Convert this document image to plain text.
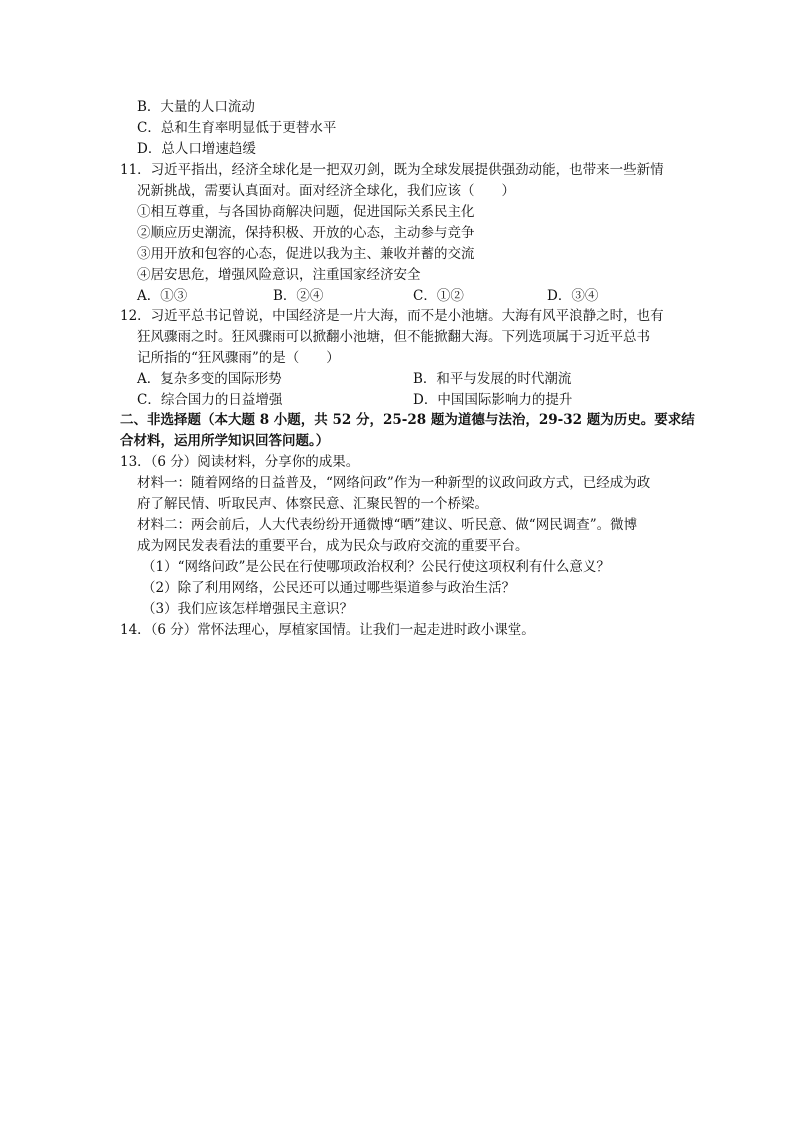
B．大量的人口流动
C．总和生育率明显低于更替水平
D．总人口增速趋缓
11．习近平指出，经济全球化是一把双刃剑，既为全球发展提供强劲动能，也带来一些新情
况新挑战，需要认真面对。面对经济全球化，我们应该（　　）
①相互尊重，与各国协商解决问题，促进国际关系民主化
②顺应历史潮流，保持积极、开放的心态，主动参与竞争
③用开放和包容的心态，促进以我为主、兼收并蓄的交流
④居安思危，增强风险意识，注重国家经济安全
A．①③	B．②④	C．①②	D．③④
12．习近平总书记曾说，中国经济是一片大海，而不是小池塘。大海有风平浪静之时，也有
狂风骤雨之时。狂风骤雨可以掀翻小池塘，但不能掀翻大海。下列选项属于习近平总书
记所指的“狂风骤雨”的是（　　）
A．复杂多变的国际形势	B．和平与发展的时代潮流
C．综合国力的日益增强	D．中国国际影响力的提升
二、非选择题（本大题 8 小题，共 52 分，25-28 题为道德与法治，29-32 题为历史。要求结
合材料，运用所学知识回答问题。）
13．（6 分）阅读材料，分享你的成果。
材料一：随着网络的日益普及，“网络问政”作为一种新型的议政问政方式，已经成为政
府了解民情、听取民声、体察民意、汇聚民智的一个桥梁。
材料二：两会前后，人大代表纷纷开通微博“晒”建议、听民意、做“网民调查”。微博
成为网民发表看法的重要平台，成为民众与政府交流的重要平台。
（1）“网络问政”是公民在行使哪项政治权利？公民行使这项权利有什么意义？
（2）除了利用网络，公民还可以通过哪些渠道参与政治生活？
（3）我们应该怎样增强民主意识？
14．（6 分）常怀法理心，厚植家国情。让我们一起走进时政小课堂。
